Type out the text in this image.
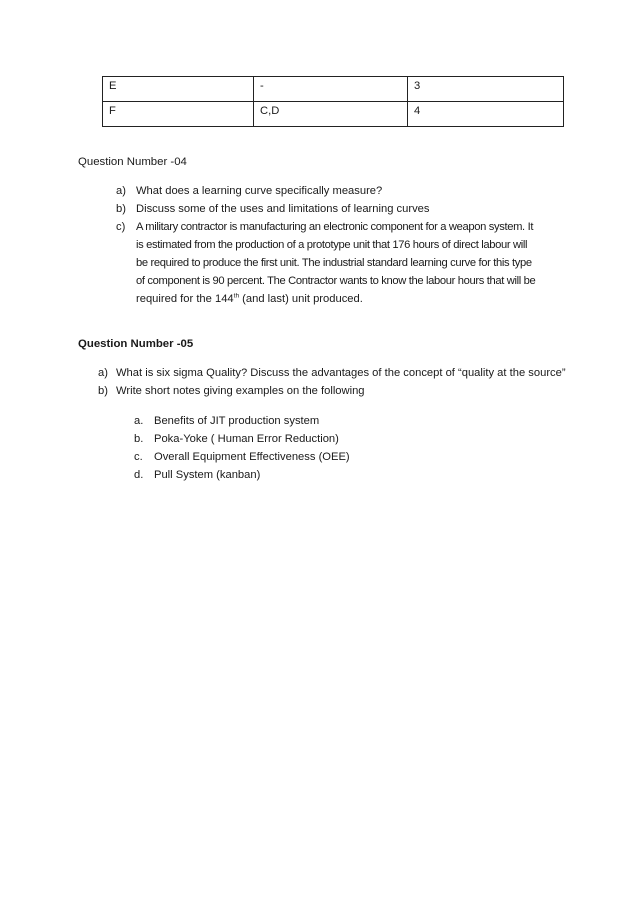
E	-	3
F	C,D	4
Question Number -04
a) What does a learning curve specifically measure?
b) Discuss some of the uses and limitations of learning curves
c) A military contractor is manufacturing an electronic component for a weapon system. It
is estimated from the production of a prototype unit that 176 hours of direct labour will
be required to produce the first unit. The industrial standard learning curve for this type
of component is 90 percent. The Contractor wants to know the labour hours that will be
required for the 144th (and last) unit produced.
Question Number -05
a) What is six sigma Quality? Discuss the advantages of the concept of “quality at the source”
b) Write short notes giving examples on the following
a. Benefits of JIT production system
b. Poka-Yoke ( Human Error Reduction)
c.	Overall Equipment Effectiveness (OEE)
d. Pull System (kanban)
